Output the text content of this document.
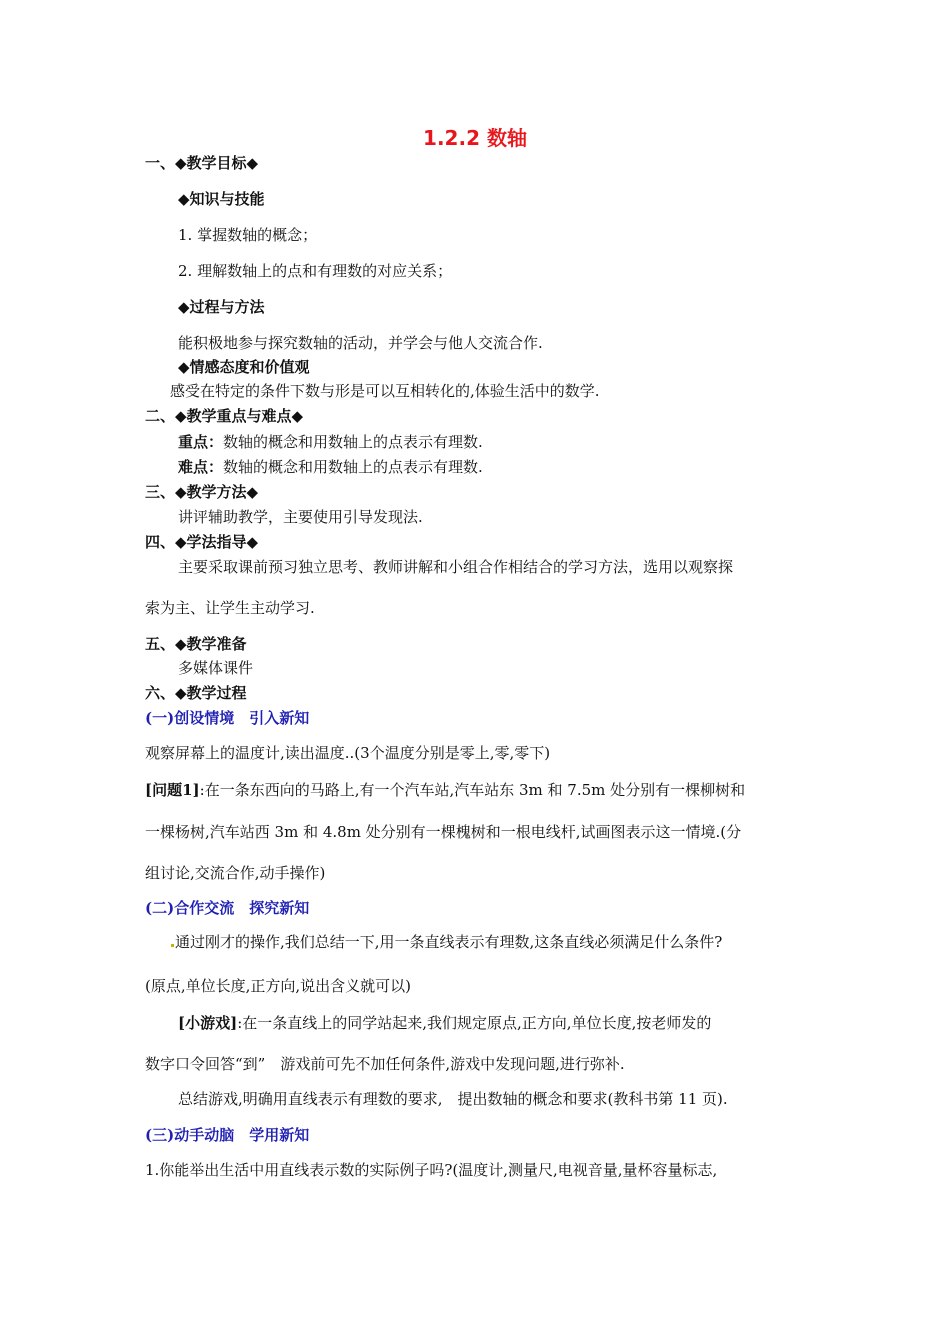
1.2.2 数轴
一、◆教学目标◆
◆知识与技能
1. 掌握数轴的概念；
2. 理解数轴上的点和有理数的对应关系；
◆过程与方法
能积极地参与探究数轴的活动，并学会与他人交流合作.
◆情感态度和价值观
感受在特定的条件下数与形是可以互相转化的,体验生活中的数学.
二、◆教学重点与难点◆
重点：数轴的概念和用数轴上的点表示有理数.
难点：数轴的概念和用数轴上的点表示有理数.
三、◆教学方法◆
讲评辅助教学，主要使用引导发现法.
四、◆学法指导◆
主要采取课前预习独立思考、教师讲解和小组合作相结合的学习方法，选用以观察探
索为主、让学生主动学习.
五、◆教学准备
多媒体课件
六、◆教学过程
(一)创设情境　引入新知
观察屏幕上的温度计,读出温度..(3个温度分别是零上,零,零下)
[问题1]:在一条东西向的马路上,有一个汽车站,汽车站东 3m 和 7.5m 处分别有一棵柳树和
一棵杨树,汽车站西 3m 和 4.8m 处分别有一棵槐树和一根电线杆,试画图表示这一情境.(分
组讨论,交流合作,动手操作)
(二)合作交流　探究新知
通过刚才的操作,我们总结一下,用一条直线表示有理数,这条直线必须满足什么条件?
(原点,单位长度,正方向,说出含义就可以)
[小游戏]:在一条直线上的同学站起来,我们规定原点,正方向,单位长度,按老师发的
数字口令回答“到”　游戏前可先不加任何条件,游戏中发现问题,进行弥补.
总结游戏,明确用直线表示有理数的要求,　提出数轴的概念和要求(教科书第 11 页).
(三)动手动脑　学用新知
1.你能举出生活中用直线表示数的实际例子吗?(温度计,测量尺,电视音量,量杯容量标志,
